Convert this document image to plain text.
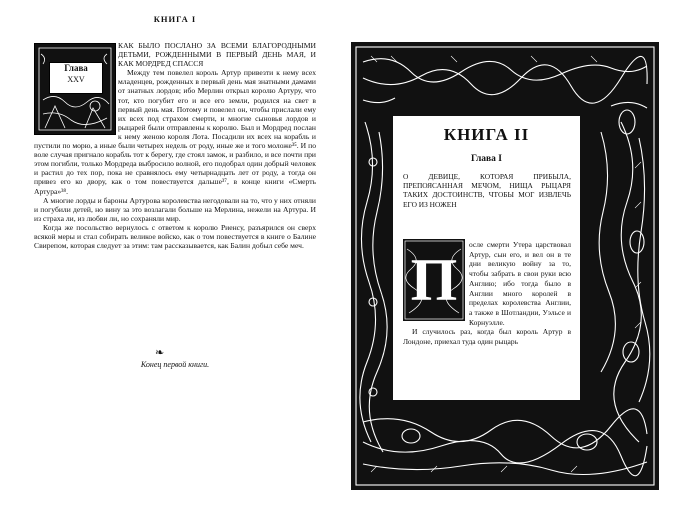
КНИГА I
Глава
XXV

КАК БЫЛО ПОСЛАНО ЗА ВСЕМИ БЛАГОРОДНЫМИ ДЕТЬМИ, РОЖДЕННЫМИ В ПЕРВЫЙ ДЕНЬ МАЯ, И КАК МОРДРЕД СПАССЯ

Между тем повелел король Артур привезти к нему всех младенцев, рожденных в первый день мая знатными дамами от знатных лордов; ибо Мерлин открыл королю Артуру, что тот, кто погубит его и все его земли, родился на свет в первый день мая. Потому и повелел он, чтобы прислали ему их всех под страхом смерти, и многие сыновья лордов и рыцарей были отправлены к королю. Был и Мордред послан к нему женою короля Лота. Посадили их всех на корабль и пустили по морю, а иные были четырех недель от роду, иные же и того моложе³⁵. И по воле случая пригнало корабль тот к берегу, где стоял замок, и разбило, и все почти при этом погибли, только Мордреда выбросило волной, его подобрал один добрый человек и растил до тех пор, пока не сравнялось ему четырнадцать лет от роду, а тогда он привез его ко двору, как о том повествуется дальше³⁷, в конце книги «Смерть Артура»³⁸.

А многие лорды и бароны Артурова королевства негодовали на то, что у них отняли и погубили детей, но вину за это возлагали больше на Мерлина, нежели на Артура. И из страха ли, из любви ли, но сохраняли мир.

Когда же посольство вернулось с ответом к королю Риенсу, разъярился он сверх всякой меры и стал собирать великое войско, как о том повествуется в книге о Балине Свирепом, которая следует за этим: там рассказывается, как Балин добыл себе меч.

❧
Конец первой книги.
КНИГА II
Глава I
О ДЕВИЦЕ, КОТОРАЯ ПРИБЫЛА, ПРЕПОЯСАННАЯ МЕЧОМ, НИЩА РЫЦАРЯ ТАКИХ ДОСТОИНСТВ, ЧТОБЫ МОГ ИЗВЛЕЧЬ ЕГО ИЗ НОЖЕН
П

осле смерти Утера царствовал Артур, сын его, и вел он в те дни великую войну за то, чтобы забрать в свои руки всю Англию; ибо тогда было в Англии много королей в пределах королевства Англии, а также в Шотландии, Уэльсе и Корнуэлле.

И случилось раз, когда был король Артур в Лондоне, приехал туда один рыцарь
